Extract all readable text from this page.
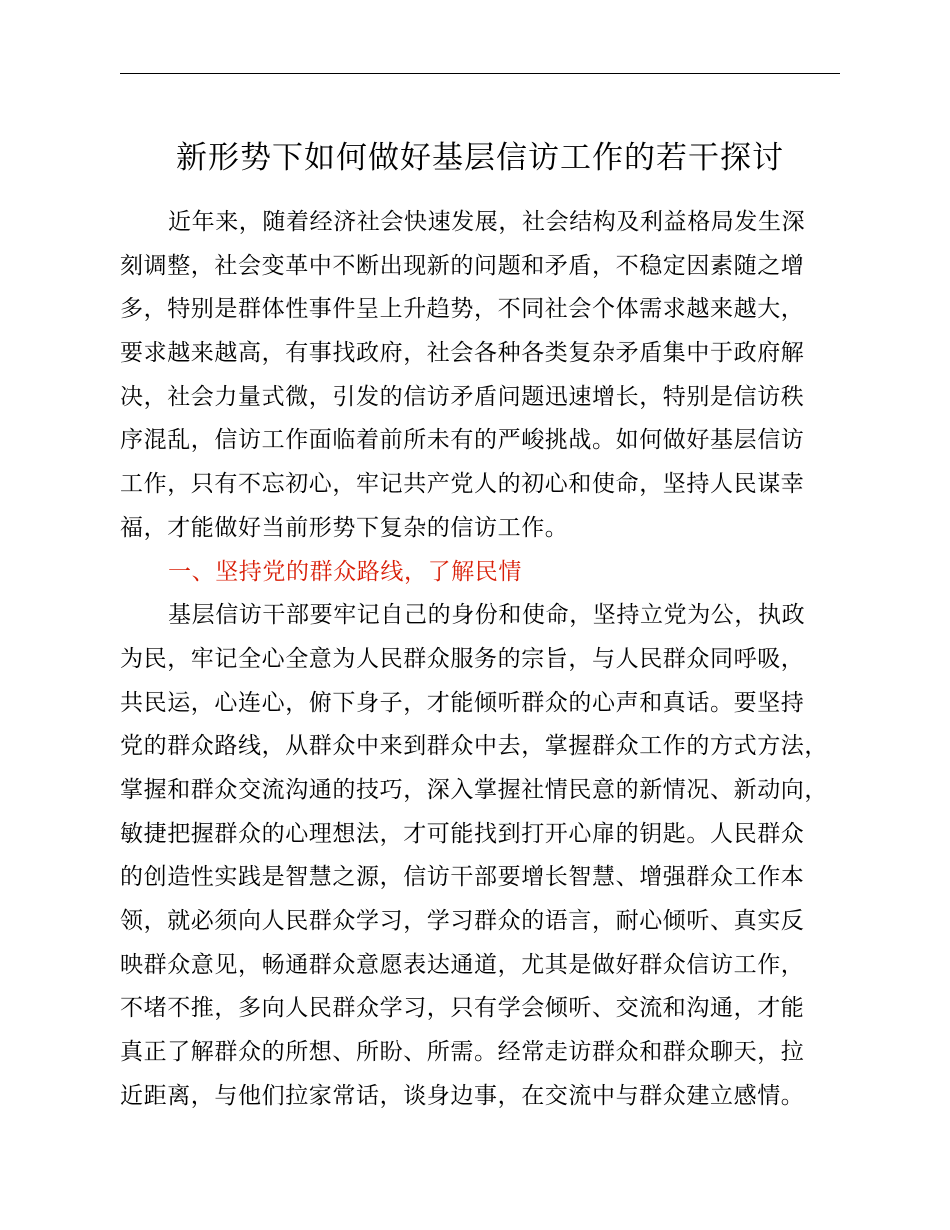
新形势下如何做好基层信访工作的若干探讨
近年来，随着经济社会快速发展，社会结构及利益格局发生深
刻调整，社会变革中不断出现新的问题和矛盾，不稳定因素随之增
多，特别是群体性事件呈上升趋势，不同社会个体需求越来越大，
要求越来越高，有事找政府，社会各种各类复杂矛盾集中于政府解
决，社会力量式微，引发的信访矛盾问题迅速增长，特别是信访秩
序混乱，信访工作面临着前所未有的严峻挑战。如何做好基层信访
工作，只有不忘初心，牢记共产党人的初心和使命，坚持人民谋幸
福，才能做好当前形势下复杂的信访工作。
一、坚持党的群众路线，了解民情
基层信访干部要牢记自己的身份和使命，坚持立党为公，执政
为民，牢记全心全意为人民群众服务的宗旨，与人民群众同呼吸，
共民运，心连心，俯下身子，才能倾听群众的心声和真话。要坚持
党的群众路线，从群众中来到群众中去，掌握群众工作的方式方法，
掌握和群众交流沟通的技巧，深入掌握社情民意的新情况、新动向，
敏捷把握群众的心理想法，才可能找到打开心扉的钥匙。人民群众
的创造性实践是智慧之源，信访干部要增长智慧、增强群众工作本
领，就必须向人民群众学习，学习群众的语言，耐心倾听、真实反
映群众意见，畅通群众意愿表达通道，尤其是做好群众信访工作，
不堵不推，多向人民群众学习，只有学会倾听、交流和沟通，才能
真正了解群众的所想、所盼、所需。经常走访群众和群众聊天，拉
近距离，与他们拉家常话，谈身边事，在交流中与群众建立感情。
